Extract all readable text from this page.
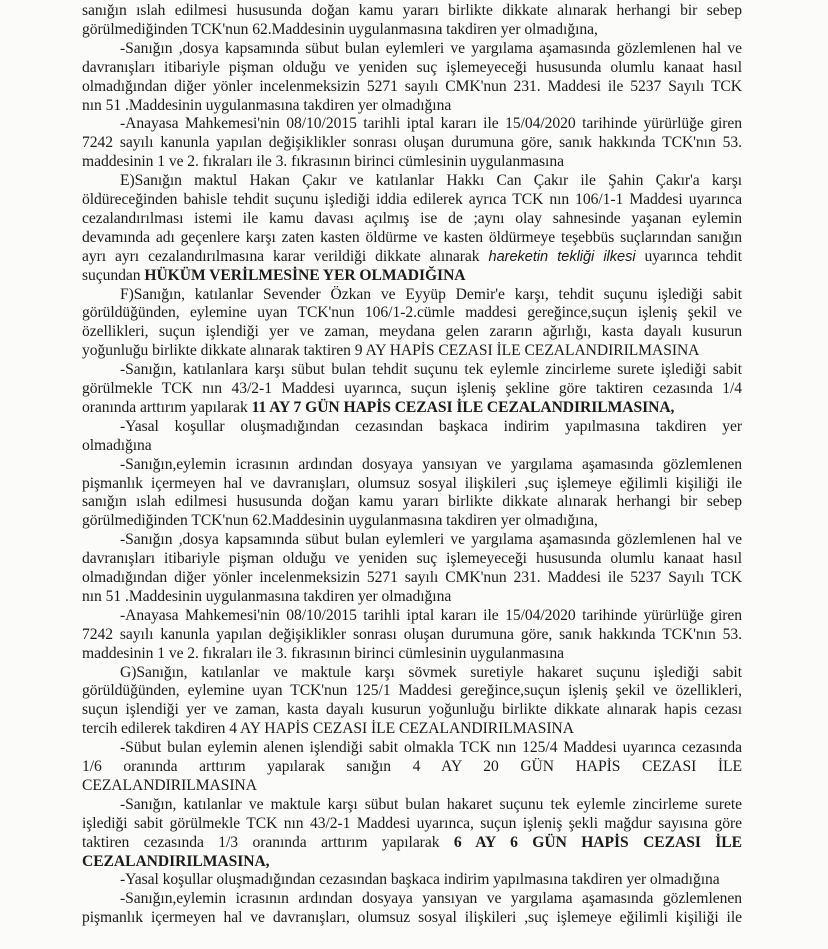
sanığın ıslah edilmesi hususunda doğan kamu yararı birlikte dikkate alınarak herhangi bir sebep
görülmediğinden TCK'nun 62.Maddesinin uygulanmasına takdiren yer olmadığına,
-Sanığın ,dosya kapsamında sübut bulan eylemleri ve yargılama aşamasında gözlemlenen hal ve
davranışları itibariyle pişman olduğu ve yeniden suç işlemeyeceği hususunda olumlu kanaat hasıl
olmadığından diğer yönler incelenmeksizin 5271 sayılı CMK'nun 231. Maddesi ile 5237 Sayılı TCK
nın 51 .Maddesinin uygulanmasına takdiren yer olmadığına
-Anayasa Mahkemesi'nin 08/10/2015 tarihli iptal kararı ile 15/04/2020 tarihinde yürürlüğe giren
7242 sayılı kanunla yapılan değişiklikler sonrası oluşan durumuna göre, sanık hakkında TCK'nın 53.
maddesinin 1 ve 2. fıkraları ile 3. fıkrasının birinci cümlesinin uygulanmasına
E)Sanığın maktul Hakan Çakır ve katılanlar Hakkı Can Çakır ile Şahin Çakır'a karşı
öldüreceğinden bahisle tehdit suçunu işlediği iddia edilerek ayrıca TCK nın 106/1-1 Maddesi uyarınca
cezalandırılması istemi ile kamu davası açılmış ise de ;aynı olay sahnesinde yaşanan eylemin
devamında adı geçenlere karşı zaten kasten öldürme ve kasten öldürmeye teşebbüs suçlarından sanığın
ayrı ayrı cezalandırılmasına karar verildiği dikkate alınarak hareketin tekliği ilkesi uyarınca tehdit
suçundan HÜKÜM VERİLMESİNE YER OLMADIĞINA
F)Sanığın, katılanlar Sevender Özkan ve Eyyüp Demir'e karşı, tehdit suçunu işlediği sabit
görüldüğünden, eylemine uyan TCK'nun 106/1-2.cümle maddesi gereğince,suçun işleniş şekil ve
özellikleri, suçun işlendiği yer ve zaman, meydana gelen zararın ağırlığı, kasta dayalı kusurun
yoğunluğu birlikte dikkate alınarak taktiren 9 AY HAPİS CEZASI İLE CEZALANDIRILMASINA
-Sanığın, katılanlara karşı sübut bulan tehdit suçunu tek eylemle zincirleme surete işlediği sabit
görülmekle TCK nın 43/2-1 Maddesi uyarınca, suçun işleniş şekline göre taktiren cezasında 1/4
oranında arttırım yapılarak 11 AY 7 GÜN HAPİS CEZASI İLE CEZALANDIRILMASINA,
-Yasal koşullar oluşmadığından cezasından başkaca indirim yapılmasına takdiren yer
olmadığına
-Sanığın,eylemin icrasının ardından dosyaya yansıyan ve yargılama aşamasında gözlemlenen
pişmanlık içermeyen hal ve davranışları, olumsuz sosyal ilişkileri ,suç işlemeye eğilimli kişiliği ile
sanığın ıslah edilmesi hususunda doğan kamu yararı birlikte dikkate alınarak herhangi bir sebep
görülmediğinden TCK'nun 62.Maddesinin uygulanmasına takdiren yer olmadığına,
-Sanığın ,dosya kapsamında sübut bulan eylemleri ve yargılama aşamasında gözlemlenen hal ve
davranışları itibariyle pişman olduğu ve yeniden suç işlemeyeceği hususunda olumlu kanaat hasıl
olmadığından diğer yönler incelenmeksizin 5271 sayılı CMK'nun 231. Maddesi ile 5237 Sayılı TCK
nın 51 .Maddesinin uygulanmasına takdiren yer olmadığına
-Anayasa Mahkemesi'nin 08/10/2015 tarihli iptal kararı ile 15/04/2020 tarihinde yürürlüğe giren
7242 sayılı kanunla yapılan değişiklikler sonrası oluşan durumuna göre, sanık hakkında TCK'nın 53.
maddesinin 1 ve 2. fıkraları ile 3. fıkrasının birinci cümlesinin uygulanmasına
G)Sanığın, katılanlar ve maktule karşı sövmek suretiyle hakaret suçunu işlediği sabit
görüldüğünden, eylemine uyan TCK'nun 125/1 Maddesi gereğince,suçun işleniş şekil ve özellikleri,
suçun işlendiği yer ve zaman, kasta dayalı kusurun yoğunluğu birlikte dikkate alınarak hapis cezası
tercih edilerek takdiren 4 AY HAPİS CEZASI İLE CEZALANDIRILMASINA
-Sübut bulan eylemin alenen işlendiği sabit olmakla TCK nın 125/4 Maddesi uyarınca cezasında
1/6 oranında arttırım yapılarak sanığın 4 AY 20 GÜN HAPİS CEZASI İLE
CEZALANDIRILMASINA
-Sanığın, katılanlar ve maktule karşı sübut bulan hakaret suçunu tek eylemle zincirleme surete
işlediği sabit görülmekle TCK nın 43/2-1 Maddesi uyarınca, suçun işleniş şekli mağdur sayısına göre
taktiren cezasında 1/3 oranında arttırım yapılarak 6 AY 6 GÜN HAPİS CEZASI İLE
CEZALANDIRILMASINA,
-Yasal koşullar oluşmadığından cezasından başkaca indirim yapılmasına takdiren yer olmadığına
-Sanığın,eylemin icrasının ardından dosyaya yansıyan ve yargılama aşamasında gözlemlenen
pişmanlık içermeyen hal ve davranışları, olumsuz sosyal ilişkileri ,suç işlemeye eğilimli kişiliği ile
